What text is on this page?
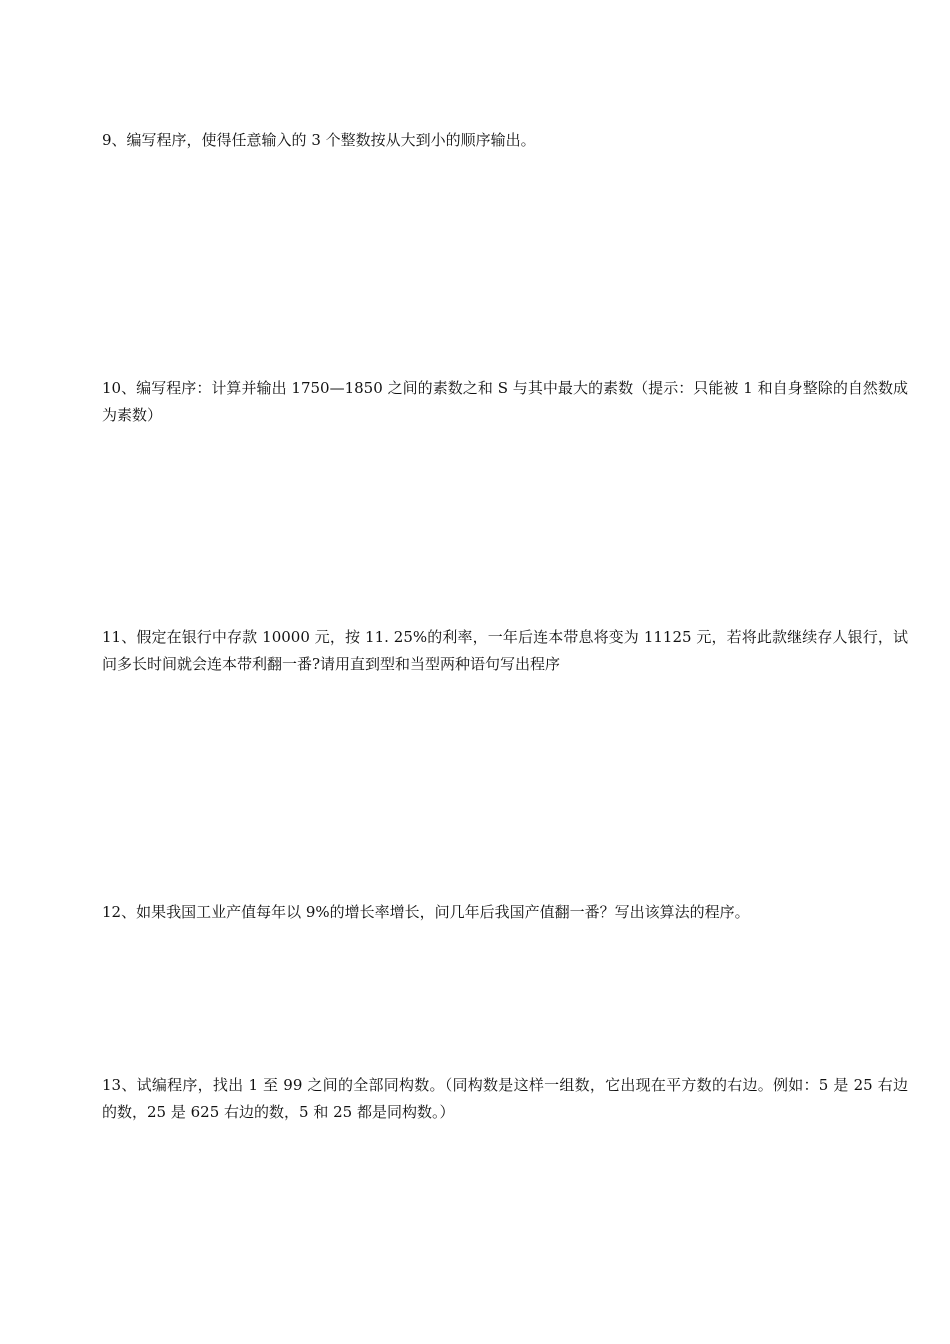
9、编写程序，使得任意输入的 3 个整数按从大到小的顺序输出。

10、编写程序：计算并输出 1750—1850 之间的素数之和 S 与其中最大的素数（提示：只能被 1 和自身整除的自然数成为素数）

11、假定在银行中存款 10000 元，按 11. 25%的利率，一年后连本带息将变为 11125 元，若将此款继续存人银行，试问多长时间就会连本带利翻一番?请用直到型和当型两种语句写出程序

12、如果我国工业产值每年以 9%的增长率增长，问几年后我国产值翻一番？写出该算法的程序。

13、试编程序，找出 1 至 99 之间的全部同构数。（同构数是这样一组数，它出现在平方数的右边。例如：5 是 25 右边的数，25 是 625 右边的数，5 和 25 都是同构数。）
